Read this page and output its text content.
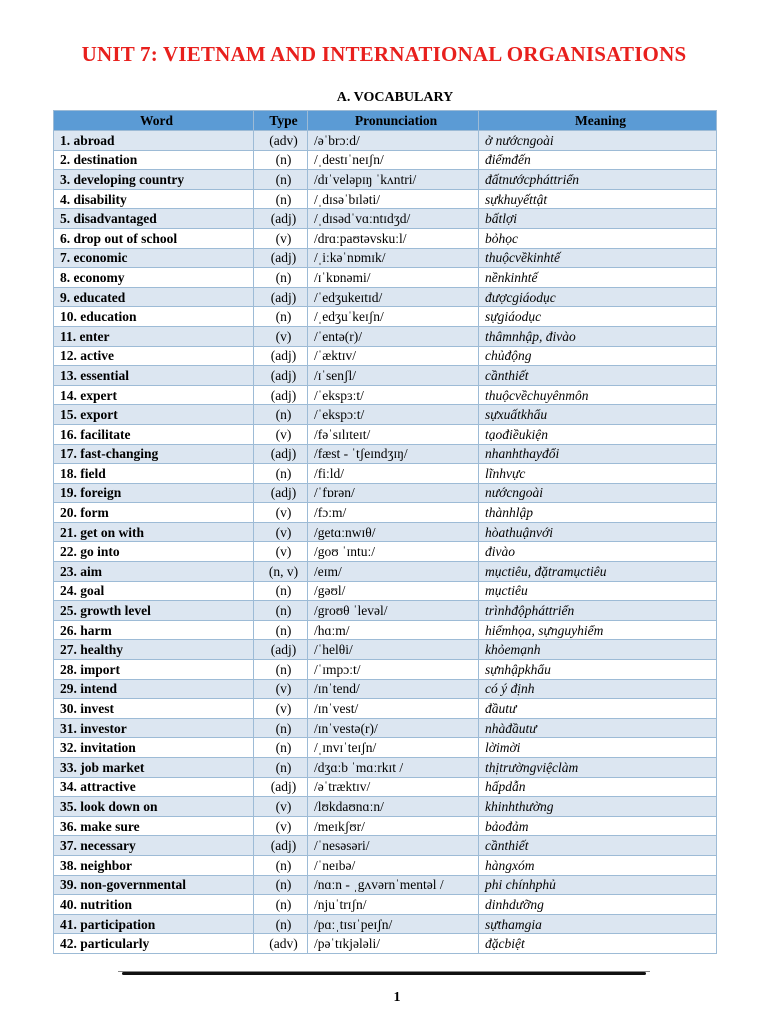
UNIT 7: VIETNAM AND INTERNATIONAL ORGANISATIONS
A. VOCABULARY
Word	Type	Pronunciation	Meaning
1. abroad	(adv)	/əˈbrɔːd/	ở nướcngoài
2. destination	(n)	/ˌdestɪˈneɪʃn/	điểmđến
3. developing country	(n)	/dɪˈveləpɪŋ ˈkʌntri/	đấtnướcpháttriển
4. disability	(n)	/ˌdɪsəˈbɪləti/	sựkhuyếttật
5. disadvantaged	(adj)	/ˌdɪsədˈvɑːntɪdʒd/	bấtlợi
6. drop out of school	(v)	/drɑːpaʊtəvskuːl/	bỏhọc
7. economic	(adj)	/ˌiːkəˈnɒmɪk/	thuộcvềkinhtế
8. economy	(n)	/ɪˈkɒnəmi/	nềnkinhtế
9. educated	(adj)	/ˈedʒukeɪtɪd/	đượcgiáodục
10. education	(n)	/ˌedʒuˈkeɪʃn/	sựgiáodục
11. enter	(v)	/ˈentə(r)/	thâmnhập, đivào
12. active	(adj)	/ˈæktɪv/	chủđộng
13. essential	(adj)	/ɪˈsenʃl/	cầnthiết
14. expert	(adj)	/ˈekspɜːt/	thuộcvềchuyênmôn
15. export	(n)	/ˈekspɔːt/	sựxuấtkhẩu
16. facilitate	(v)	/fəˈsɪlɪteɪt/	tạođiềukiện
17. fast-changing	(adj)	/fæst - ˈtʃeɪndʒɪŋ/	nhanhthayđổi
18. field	(n)	/fiːld/	lĩnhvực
19. foreign	(adj)	/ˈfɒrən/	nướcngoài
20. form	(v)	/fɔːm/	thànhlập
21. get on with	(v)	/getɑːnwɪθ/	hòathuậnvới
22. go into	(v)	/goʊ ˈɪntuː/	đivào
23. aim	(n, v)	/eɪm/	mụctiêu, đặtramụctiêu
24. goal	(n)	/gəʊl/	mụctiêu
25. growth level	(n)	/groʊθ ˈlevəl/	trìnhđộpháttriển
26. harm	(n)	/hɑːm/	hiểmhọa, sựnguyhiểm
27. healthy	(adj)	/ˈhelθi/	khỏemạnh
28. import	(n)	/ˈɪmpɔːt/	sựnhậpkhẩu
29. intend	(v)	/ɪnˈtend/	có ý định
30. invest	(v)	/ɪnˈvest/	đầutư
31. investor	(n)	/ɪnˈvestə(r)/	nhàđầutư
32. invitation	(n)	/ˌɪnvɪˈteɪʃn/	lờimời
33. job market	(n)	/dʒɑːb ˈmɑːrkɪt /	thịtrườngviệclàm
34. attractive	(adj)	/əˈtræktɪv/	hấpdẫn
35. look down on	(v)	/lʊkdaʊnɑːn/	khinhthường
36. make sure	(v)	/meɪkʃʊr/	bảođảm
37. necessary	(adj)	/ˈnesəsəri/	cầnthiết
38. neighbor	(n)	/ˈneɪbə/	hàngxóm
39. non-governmental	(n)	/nɑːn - ˌgʌvərnˈmentəl /	phi chínhphủ
40. nutrition	(n)	/njuˈtrɪʃn/	dinhdưỡng
41. participation	(n)	/pɑːˌtɪsɪˈpeɪʃn/	sựthamgia
42. particularly	(adv)	/pəˈtɪkjələli/	đặcbiệt
1
